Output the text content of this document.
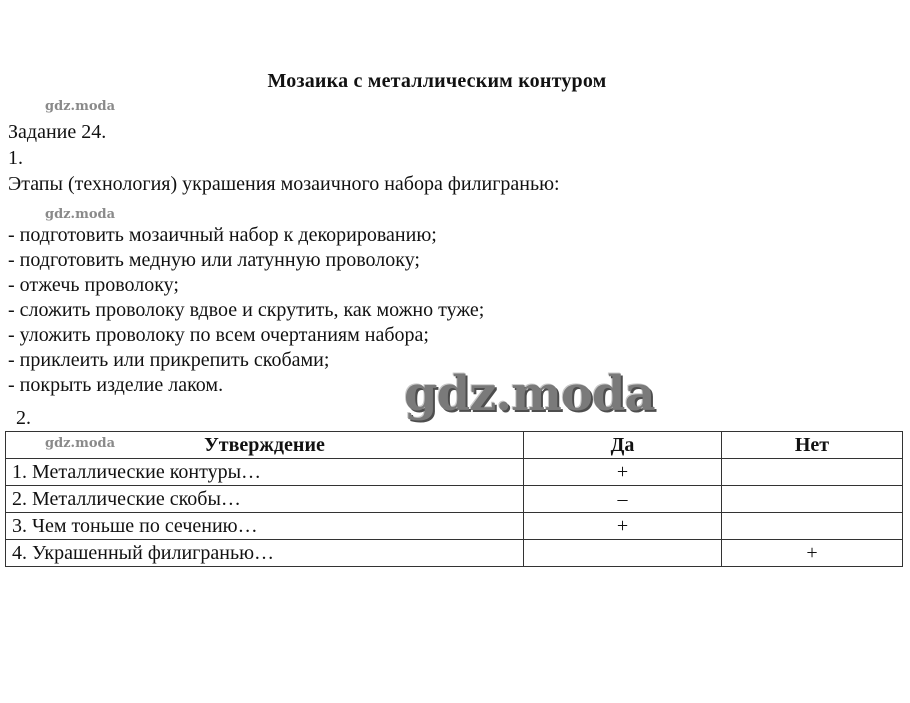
Мозаика с металлическим контуром
gdz.moda
Задание 24.
1.
Этапы (технология) украшения мозаичного набора филигранью:
gdz.moda
- подготовить мозаичный набор к декорированию;
- подготовить медную или латунную проволоку;
- отжечь проволоку;
- сложить проволоку вдвое и скрутить, как можно туже;
- уложить проволоку по всем очертаниям набора;
- приклеить или прикрепить скобами;
- покрыть изделие лаком.	gdz.moda
2.
Утверждение	Да	Нет
1. Металлические контуры…	+	
2. Металлические скобы…	–	
3. Чем тоньше по сечению…	+	
4. Украшенный филигранью…		+
gdz.moda
